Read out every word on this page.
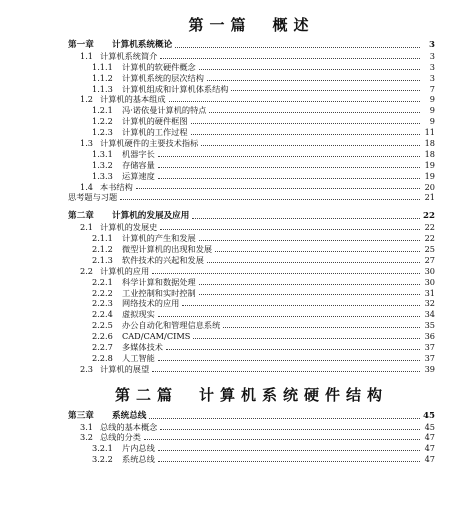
第一篇　概述
第一章	计算机系统概论	3
1.1 计算机系统简介	3
1.1.1	计算机的软硬件概念	3
1.1.2	计算机系统的层次结构	3
1.1.3	计算机组成和计算机体系结构	7
1.2 计算机的基本组成	9
1.2.1	冯·诺依曼计算机的特点	9
1.2.2	计算机的硬件框图	9
1.2.3	计算机的工作过程	11
1.3 计算机硬件的主要技术指标	18
1.3.1	机器字长	18
1.3.2	存储容量	19
1.3.3	运算速度	19
1.4 本书结构	20
思考题与习题	21
第二章	计算机的发展及应用	22
2.1 计算机的发展史	22
2.1.1	计算机的产生和发展	22
2.1.2	微型计算机的出现和发展	25
2.1.3	软件技术的兴起和发展	27
2.2 计算机的应用	30
2.2.1	科学计算和数据处理	30
2.2.2	工业控制和实时控制	31
2.2.3	网络技术的应用	32
2.2.4	虚拟现实	34
2.2.5	办公自动化和管理信息系统	35
2.2.6	CAD/CAM/CIMS	36
2.2.7	多媒体技术	37
2.2.8	人工智能	37
2.3 计算机的展望	39
第二篇　计算机系统硬件结构
第三章	系统总线	45
3.1 总线的基本概念	45
3.2 总线的分类	47
3.2.1	片内总线	47
3.2.2	系统总线	47
